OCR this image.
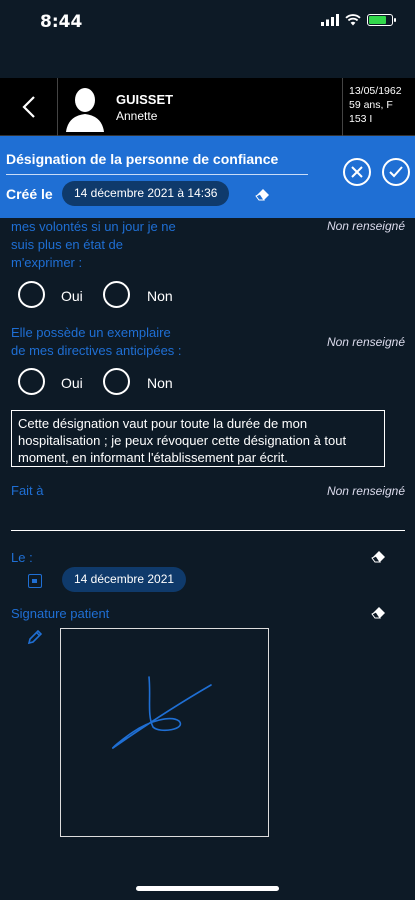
8:44
GUISSET
Annette
13/05/1962
59 ans, F
153 I
Désignation de la personne de confiance
Créé le	14 décembre 2021 à 14:36
mes volontés si un jour je ne
suis plus en état de
m'exprimer :
Non renseigné
Oui	Non
Elle possède un exemplaire
de mes directives anticipées :
Non renseigné
Oui	Non
Cette désignation vaut pour toute la durée de mon hospitalisation ; je peux révoquer cette désignation à tout moment, en informant l'établissement par écrit.
Fait à	Non renseigné
Le :
14 décembre 2021
Signature patient
